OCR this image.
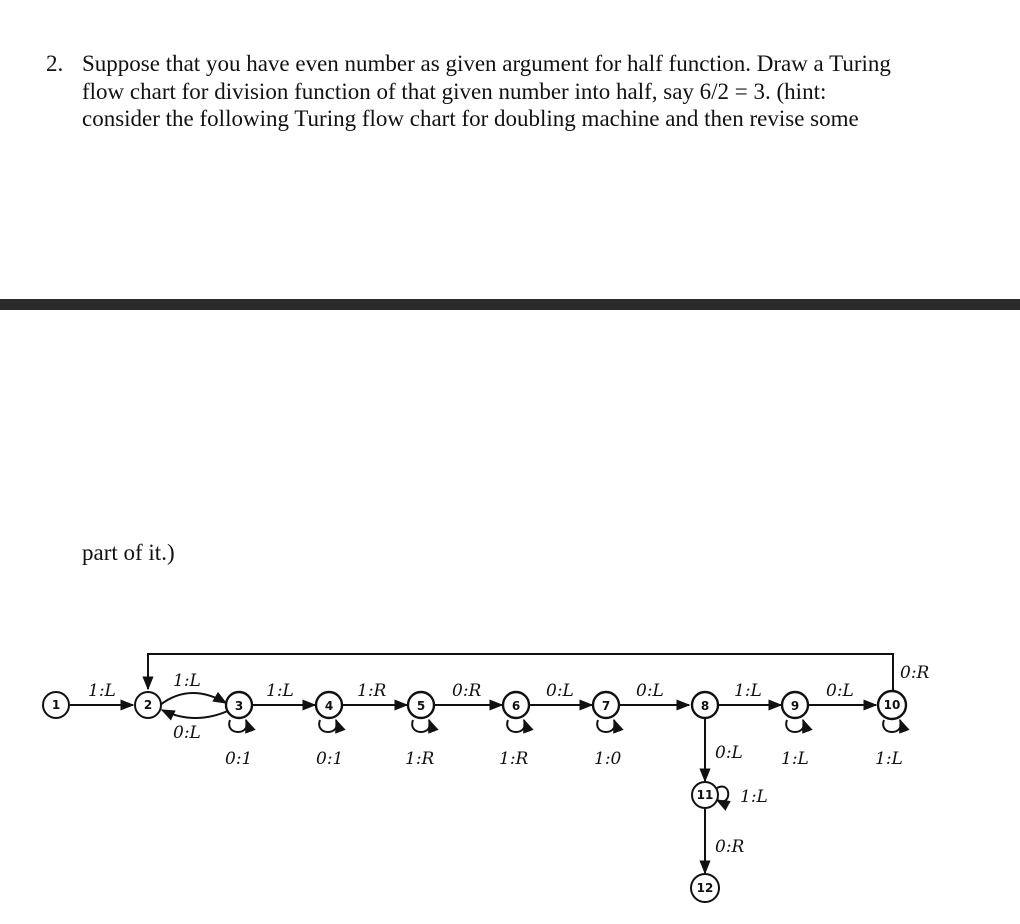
2. Suppose that you have even number as given argument for half function. Draw a Turing
flow chart for division function of that given number into half, say 6/2 = 3. (hint:
consider the following Turing flow chart for doubling machine and then revise some
part of it.)
1	2	3	4	5	6	7	8	9	10
11
12
1:L	1:L
0:L
1:L	1:R	0:R	0:L	0:L	1:L	0:L
0:R
0:L
0:R
0:1	0:1	1:R	1:R	1:0	1:L	1:L
1:L
